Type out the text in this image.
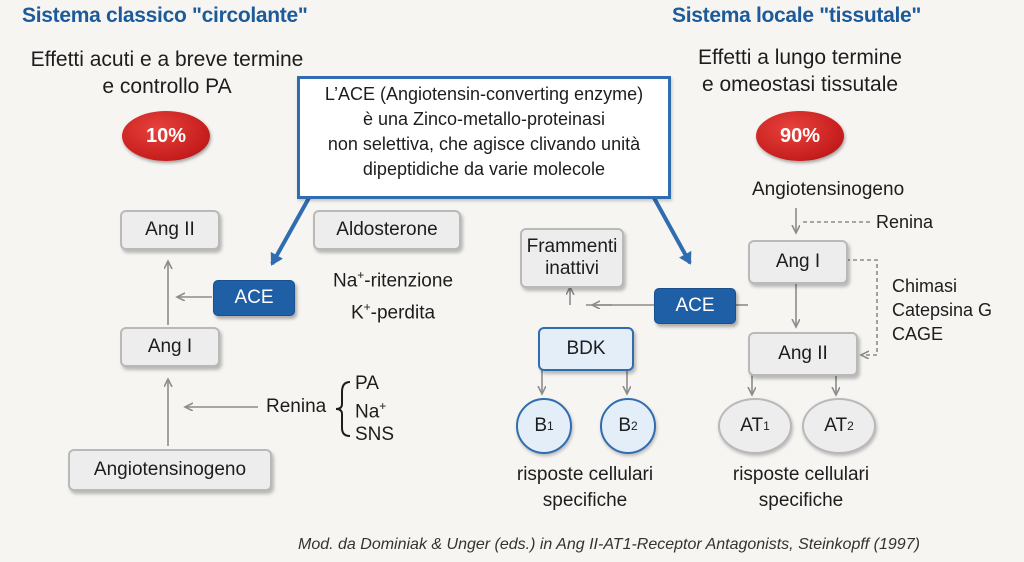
Sistema classico "circolante"
Effetti acuti e a breve termine
e controllo PA
10%
Ang II	Aldosterone
Na+-ritenzione
K+-perdita
ACE
Ang I
Renina
PA
Na+
SNS
Angiotensinogeno
L’ACE (Angiotensin-converting enzyme)
è una Zinco-metallo-proteinasi
non selettiva, che agisce clivando unità
dipeptidiche da varie molecole
Frammenti
inattivi
ACE
BDK
B 1	B 2
risposte cellulari
specifiche
Sistema locale "tissutale"
Effetti a lungo termine
e omeostasi tissutale
90%
Angiotensinogeno
Renina
Ang I
Chimasi
Catepsina G
CAGE
Ang II
AT 1	AT 2
risposte cellulari
specifiche
Mod. da Dominiak & Unger (eds.) in Ang II-AT1-Receptor Antagonists, Steinkopff (1997)
